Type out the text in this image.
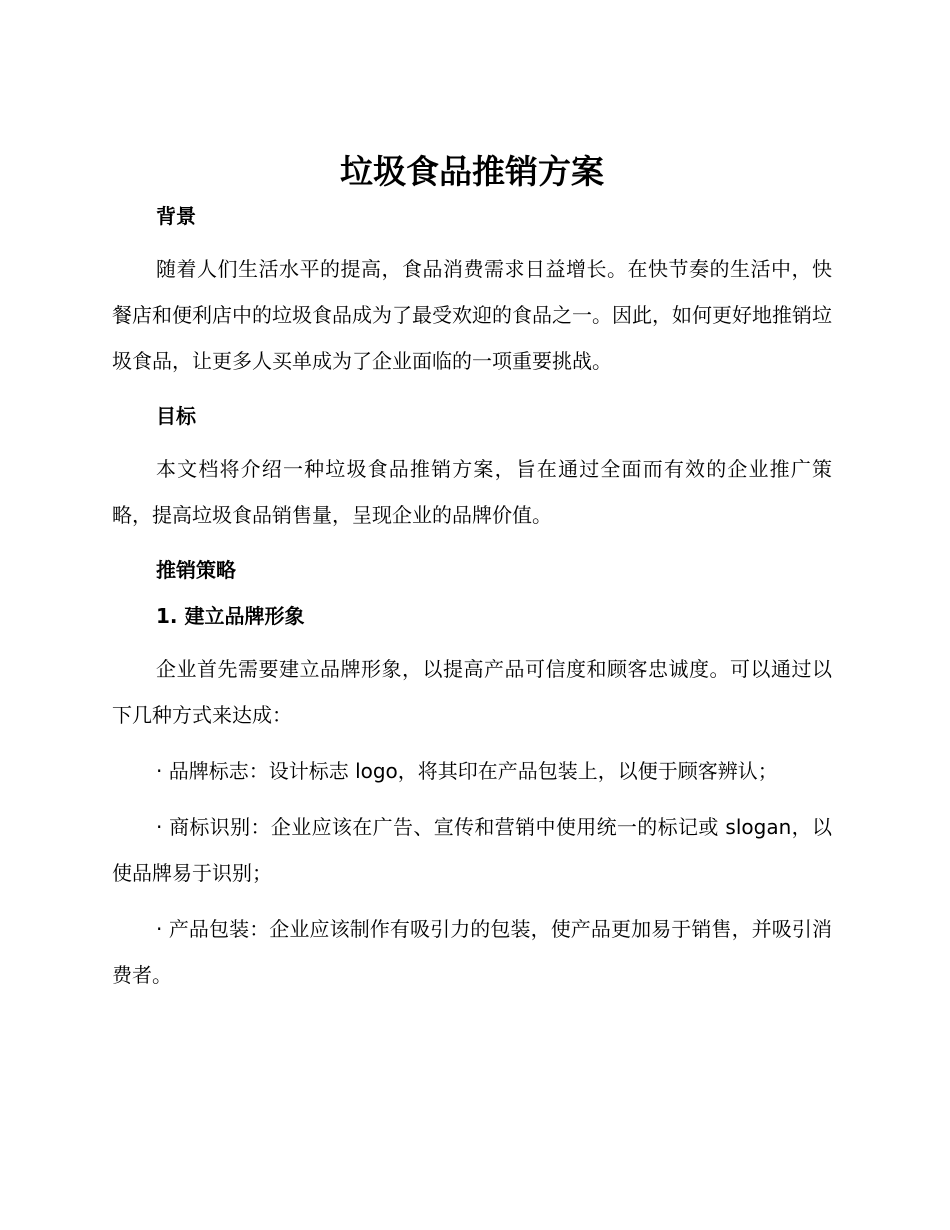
垃圾食品推销方案

背景

随着人们生活水平的提高，食品消费需求日益增长。在快节奏的生活中，快餐店和便利店中的垃圾食品成为了最受欢迎的食品之一。因此，如何更好地推销垃圾食品，让更多人买单成为了企业面临的一项重要挑战。

目标

本文档将介绍一种垃圾食品推销方案，旨在通过全面而有效的企业推广策略，提高垃圾食品销售量，呈现企业的品牌价值。

推销策略

1. 建立品牌形象

企业首先需要建立品牌形象，以提高产品可信度和顾客忠诚度。可以通过以下几种方式来达成：

· 品牌标志：设计标志 logo，将其印在产品包装上，以便于顾客辨认；

· 商标识别：企业应该在广告、宣传和营销中使用统一的标记或 slogan，以使品牌易于识别；

· 产品包装：企业应该制作有吸引力的包装，使产品更加易于销售，并吸引消费者。
